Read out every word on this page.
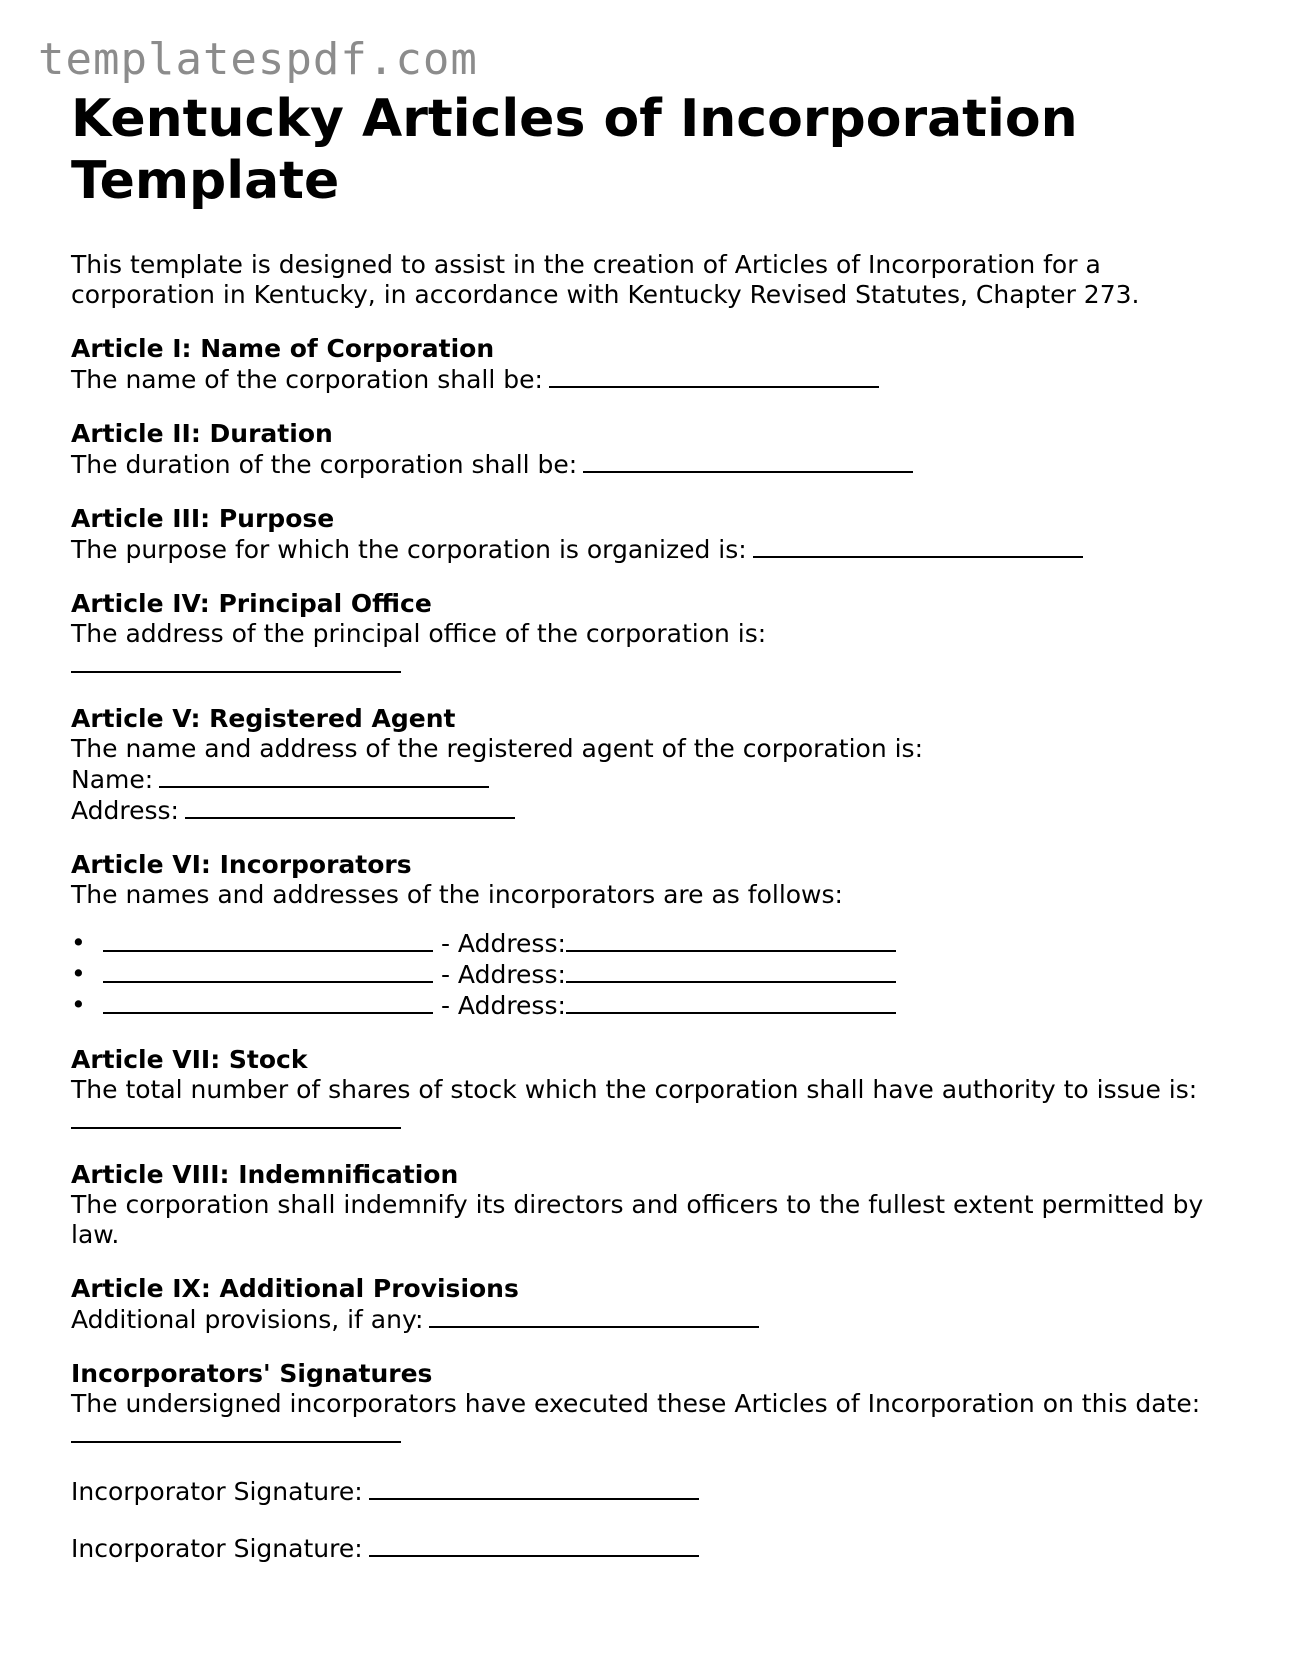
templatespdf.com
Kentucky Articles of Incorporation Template

This template is designed to assist in the creation of Articles of Incorporation for a corporation in Kentucky, in accordance with Kentucky Revised Statutes, Chapter 273.

Article I: Name of Corporation
The name of the corporation shall be:
Article II: Duration
The duration of the corporation shall be:
Article III: Purpose
The purpose for which the corporation is organized is:
Article IV: Principal Office
The address of the principal office of the corporation is:
Article V: Registered Agent
The name and address of the registered agent of the corporation is:
Name:
Address:
Article VI: Incorporators
The names and addresses of the incorporators are as follows:
•	- Address:
•	- Address:
•	- Address:
Article VII: Stock
The total number of shares of stock which the corporation shall have authority to issue is:
Article VIII: Indemnification
The corporation shall indemnify its directors and officers to the fullest extent permitted by law.
Article IX: Additional Provisions
Additional provisions, if any:
Incorporators' Signatures
The undersigned incorporators have executed these Articles of Incorporation on this date:
Incorporator Signature:
Incorporator Signature:
